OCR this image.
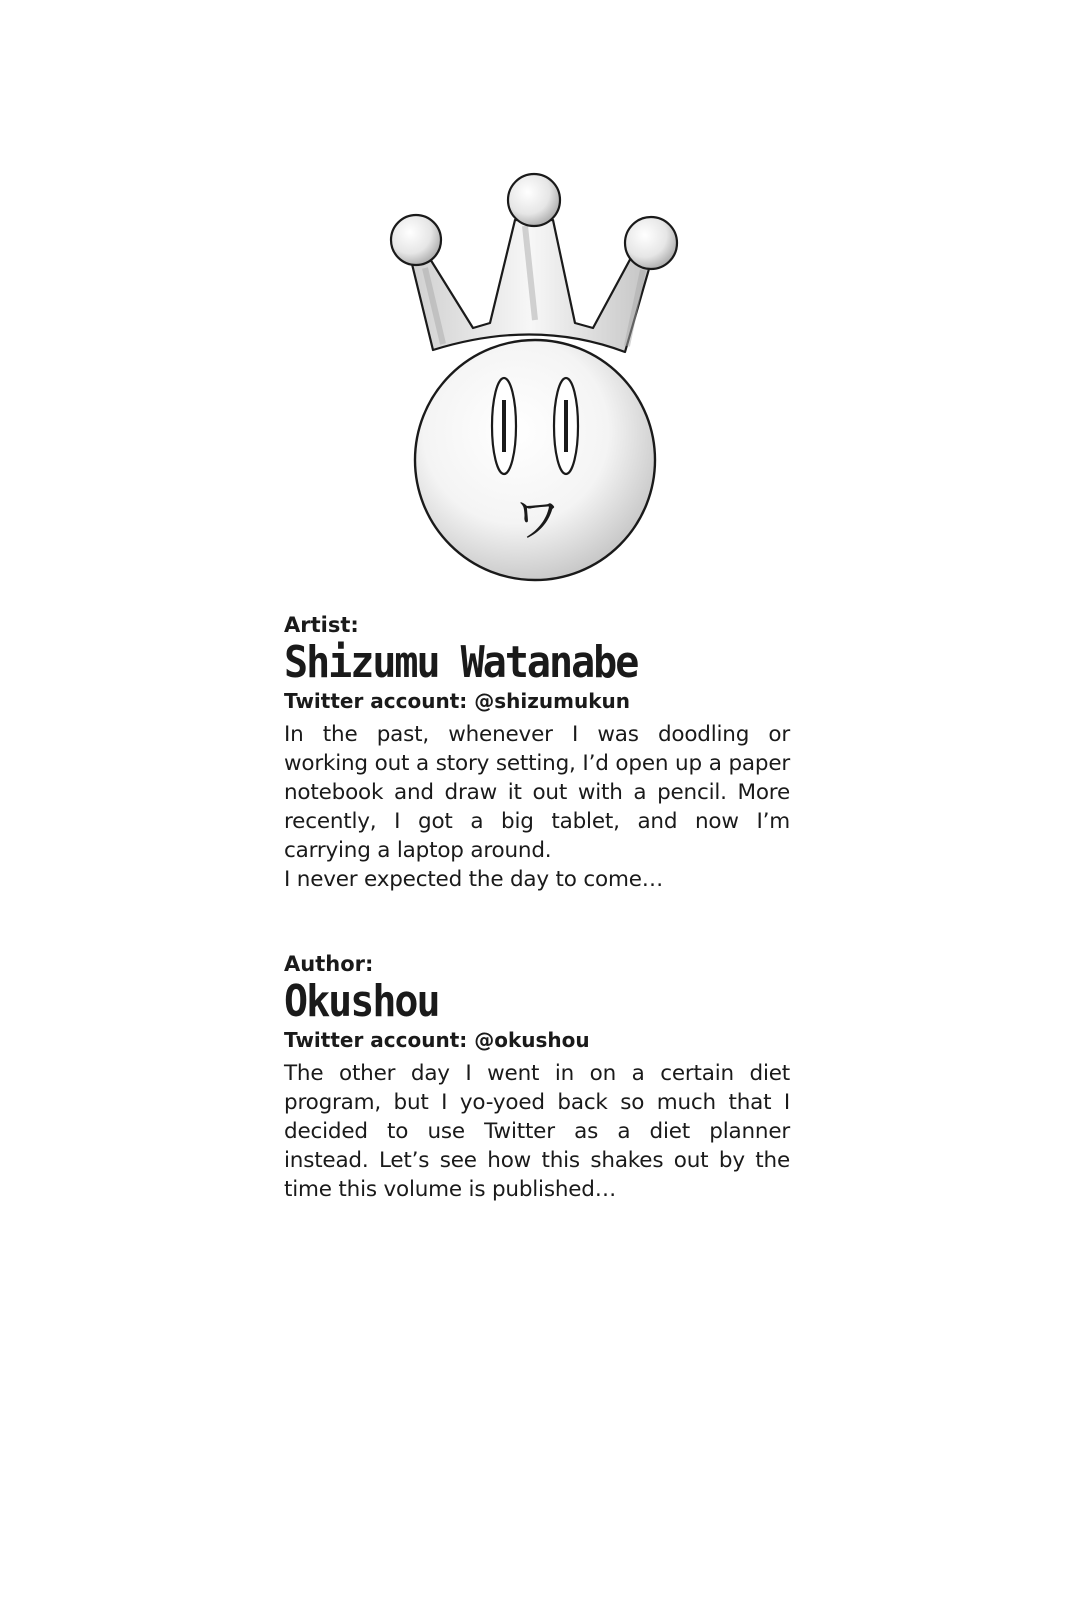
ワ

Artist:

Shizumu Watanabe

Twitter account: @shizumukun

In the past, whenever I was doodling or working out a story setting, I’d open up a paper notebook and draw it out with a pencil. More recently, I got a big tablet, and now I’m carrying a laptop around.
I never expected the day to come…

Author:

Okushou

Twitter account: @okushou

The other day I went in on a certain diet program, but I yo-yoed back so much that I decided to use Twitter as a diet planner instead. Let’s see how this shakes out by the time this volume is published…
